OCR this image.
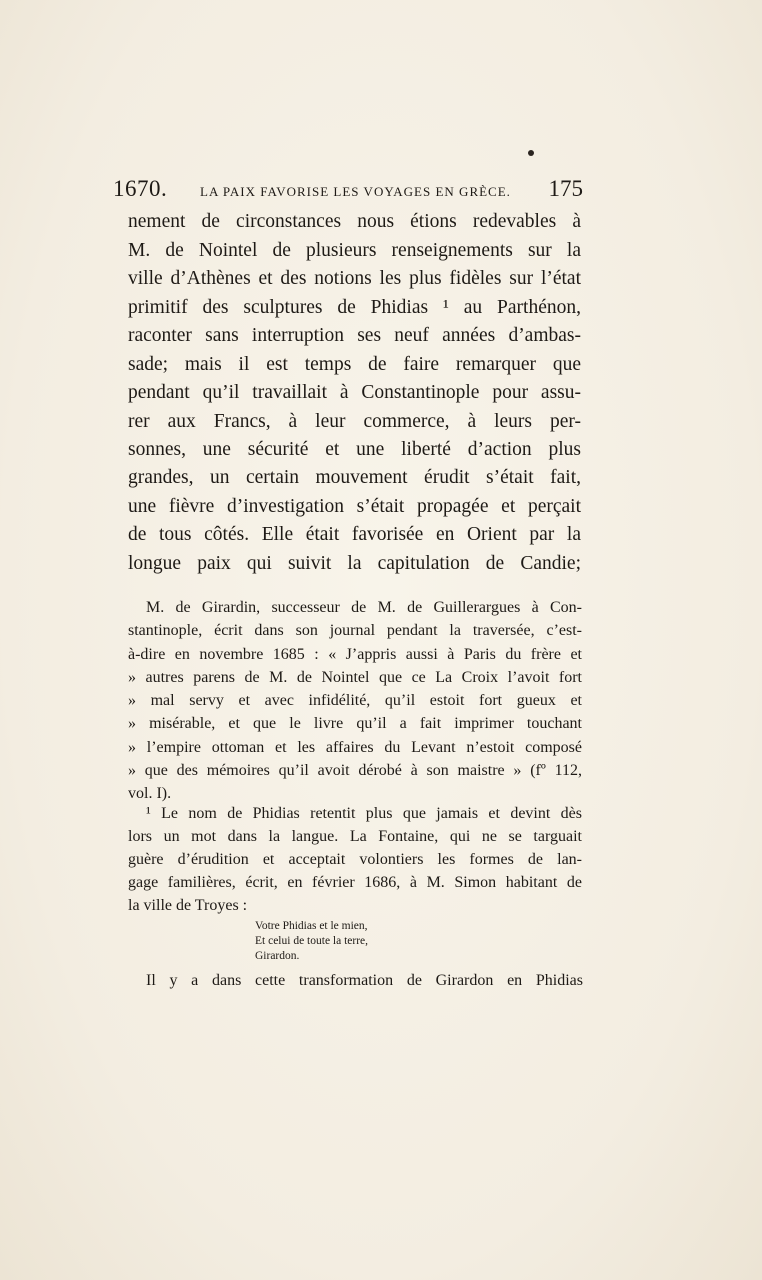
1670.	LA PAIX FAVORISE LES VOYAGES EN GRÈCE. 175
nement de circonstances nous étions redevables à
M. de Nointel de plusieurs renseignements sur la
ville d’Athènes et des notions les plus fidèles sur l’état
primitif des sculptures de Phidias ¹ au Parthénon,
raconter sans interruption ses neuf années d’ambas-
sade; mais il est temps de faire remarquer que
pendant qu’il travaillait à Constantinople pour assu-
rer aux Francs, à leur commerce, à leurs per-
sonnes, une sécurité et une liberté d’action plus
grandes, un certain mouvement érudit s’était fait,
une fièvre d’investigation s’était propagée et perçait
de tous côtés. Elle était favorisée en Orient par la
longue paix qui suivit la capitulation de Candie;
M. de Girardin, successeur de M. de Guillerargues à Con-
stantinople, écrit dans son journal pendant la traversée, c’est-
à-dire en novembre 1685 : « J’appris aussi à Paris du frère et
» autres parens de M. de Nointel que ce La Croix l’avoit fort
» mal servy et avec infidélité, qu’il estoit fort gueux et
» misérable, et que le livre qu’il a fait imprimer touchant
» l’empire ottoman et les affaires du Levant n’estoit composé
» que des mémoires qu’il avoit dérobé à son maistre » (fº 112,
vol. I).
¹ Le nom de Phidias retentit plus que jamais et devint dès
lors un mot dans la langue. La Fontaine, qui ne se targuait
guère d’érudition et acceptait volontiers les formes de lan-
gage familières, écrit, en février 1686, à M. Simon habitant de
la ville de Troyes :
Votre Phidias et le mien,
Et celui de toute la terre,
Girardon.
Il y a dans cette transformation de Girardon en Phidias
